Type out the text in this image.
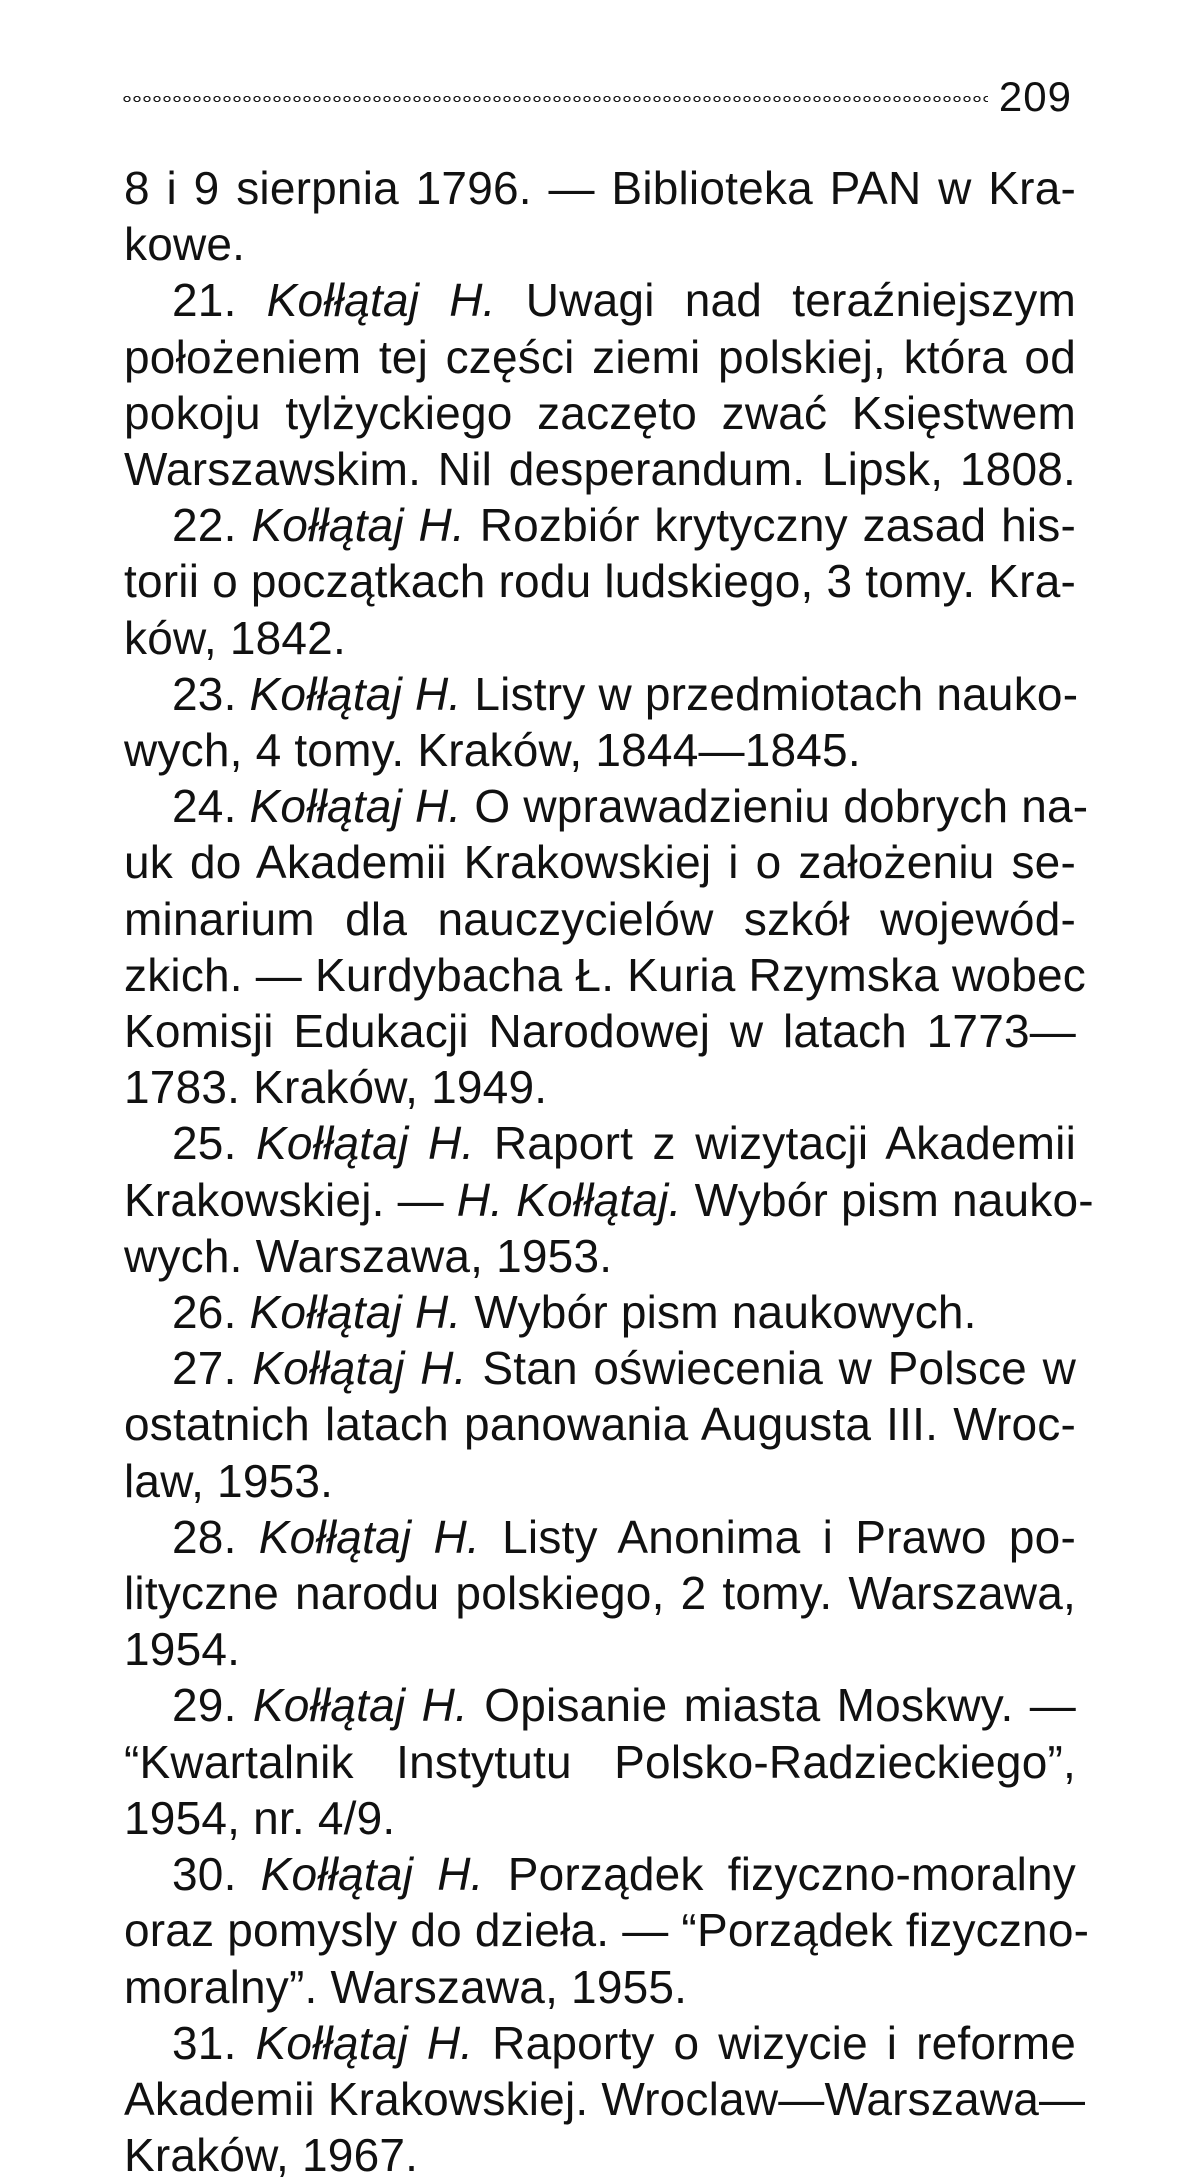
209
8 i 9 sierpnia 1796. — Biblioteka PAN w Kra-
kowe.
21. Kołłątaj H. Uwagi nad teraźniejszym
położeniem tej części ziemi polskiej, która od
pokoju tylżyckiego zaczęto zwać Księstwem
Warszawskim. Nil desperandum. Lipsk, 1808.
22. Kołłątaj H. Rozbiór krytyczny zasad his-
torii o początkach rodu ludskiego, 3 tomy. Kra-
ków, 1842.
23. Kołłątaj H. Listry w przedmiotach nauko-
wych, 4 tomy. Kraków, 1844—1845.
24. Kołłątaj H. O wprawadzieniu dobrych na-
uk do Akademii Krakowskiej i o założeniu se-
minarium dla nauczycielów szkół wojewód-
zkich. — Kurdybacha Ł. Kuria Rzymska wobec
Komisji Edukacji Narodowej w latach 1773—
1783. Kraków, 1949.
25. Kołłątaj H. Raport z wizytacji Akademii
Krakowskiej. — H. Kołłątaj. Wybór pism nauko-
wych. Warszawa, 1953.
26. Kołłątaj H. Wybór pism naukowych.
27. Kołłątaj H. Stan oświecenia w Polsce w
ostatnich latach panowania Augusta III. Wroc-
law, 1953.
28. Kołłątaj H. Listy Anonima i Prawo po-
lityczne narodu polskiego, 2 tomy. Warszawa,
1954.
29. Kołłątaj H. Opisanie miasta Moskwy. —
“Kwartalnik Instytutu Polsko-Radzieckiego”,
1954, nr. 4/9.
30. Kołłątaj H. Porządek fizyczno-moralny
oraz pomysly do dzieła. — “Porządek fizyczno-
moralny”. Warszawa, 1955.
31. Kołłątaj H. Raporty o wizycie i reforme
Akademii Krakowskiej. Wroclaw—Warszawa—
Kraków, 1967.
